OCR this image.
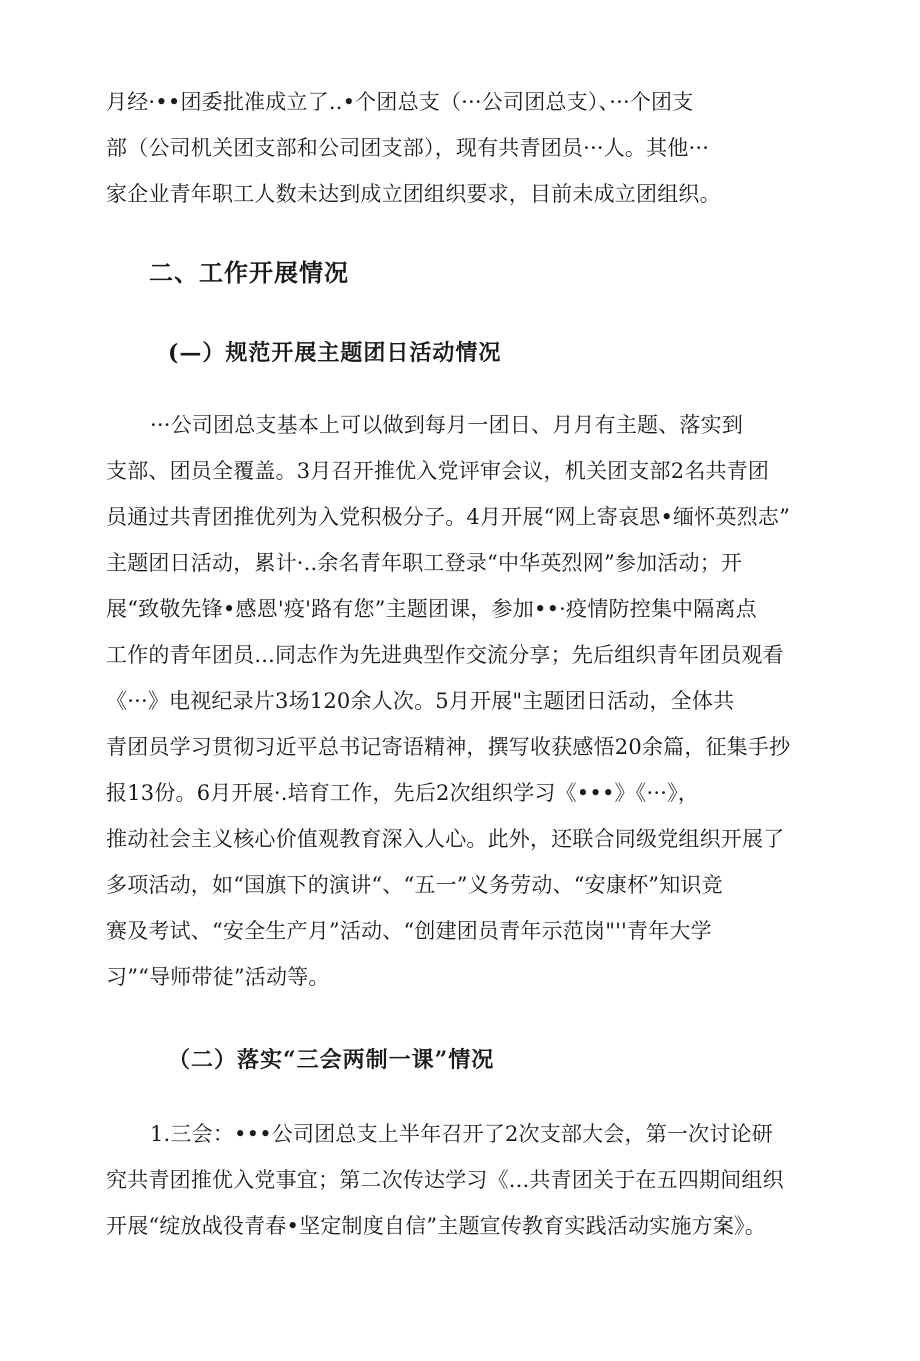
月经·••团委批准成立了..•个团总支（···公司团总支）、···个团支

部（公司机关团支部和公司团支部），现有共青团员···人。其他···

家企业青年职工人数未达到成立团组织要求，目前未成立团组织。

二、工作开展情况
(—）规范开展主题团日活动情况

···公司团总支基本上可以做到每月一团日、月月有主题、落实到

支部、团员全覆盖。3月召开推优入党评审会议，机关团支部2名共青团

员通过共青团推优列为入党积极分子。4月开展“网上寄哀思•缅怀英烈志”

主题团日活动，累计·..余名青年职工登录“中华英烈网”参加活动；开

展“致敬先锋•感恩'疫'路有您”主题团课，参加••·疫情防控集中隔离点

工作的青年团员...同志作为先进典型作交流分享；先后组织青年团员观看

《···》电视纪录片3场120余人次。5月开展"主题团日活动，全体共

青团员学习贯彻习近平总书记寄语精神，撰写收获感悟20余篇，征集手抄

报13份。6月开展·.培育工作，先后2次组织学习《•••》《···》，

推动社会主义核心价值观教育深入人心。此外，还联合同级党组织开展了

多项活动，如“国旗下的演讲“、“五一”义务劳动、“安康杯”知识竞

赛及考试、“安全生产月”活动、“创建团员青年示范岗"''青年大学

习”“导师带徒”活动等。

（二）落实“三会两制一课”情况

1.三会：•••公司团总支上半年召开了2次支部大会，第一次讨论研

究共青团推优入党事宜；第二次传达学习《...共青团关于在五四期间组织

开展“绽放战役青春•坚定制度自信”主题宣传教育实践活动实施方案》。
